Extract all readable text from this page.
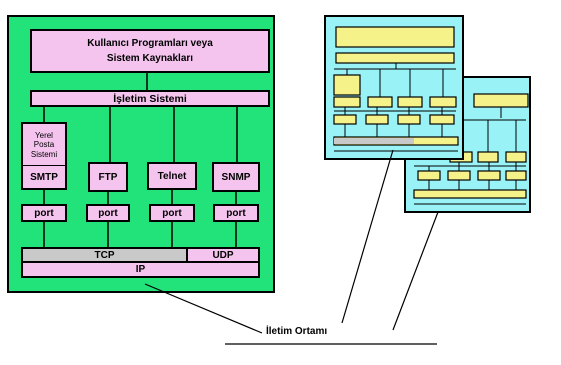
Kullanıcı Programları veya
Sistem Kaynakları
İşletim Sistemi
Yerel
Posta
Sistemi
SMTP	FTP	Telnet	SNMP
port	port	port	port
TCP	UDP
IP
İletim Ortamı
